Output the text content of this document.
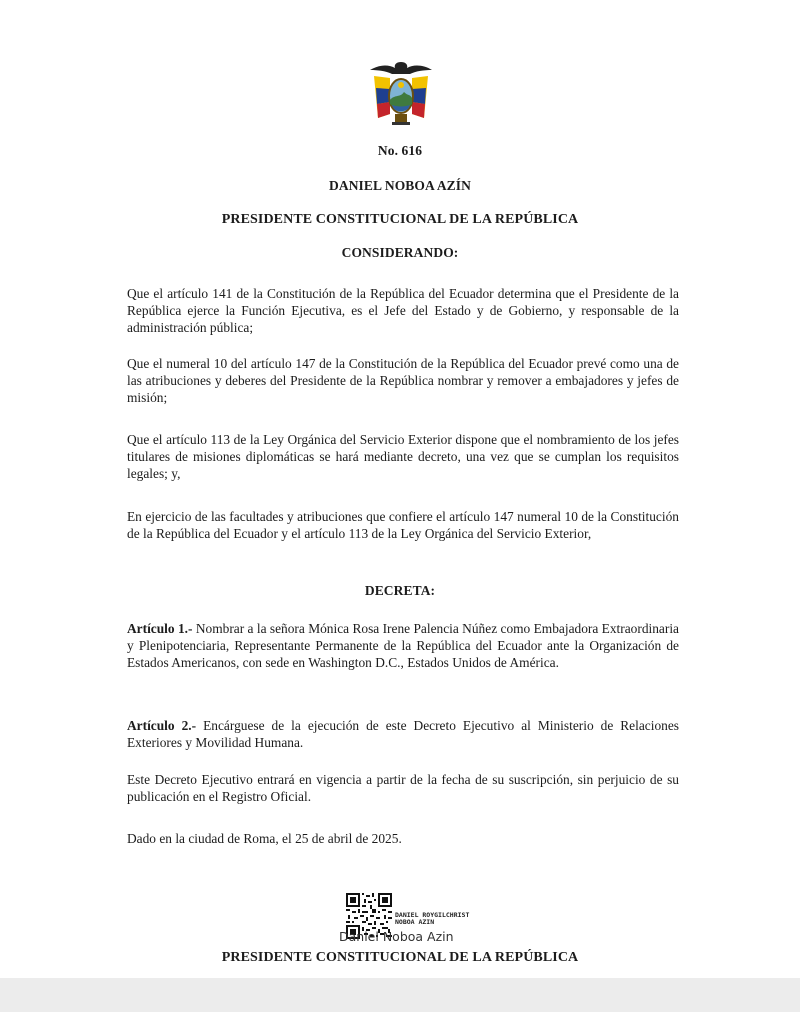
No. 616
DANIEL NOBOA AZÍN
PRESIDENTE CONSTITUCIONAL DE LA REPÚBLICA
CONSIDERANDO:

Que el artículo 141 de la Constitución de la República del Ecuador determina que el Presidente de la República ejerce la Función Ejecutiva, es el Jefe del Estado y de Gobierno, y responsable de la administración pública;

Que el numeral 10 del artículo 147 de la Constitución de la República del Ecuador prevé como una de las atribuciones y deberes del Presidente de la República nombrar y remover a embajadores y jefes de misión;

Que el artículo 113 de la Ley Orgánica del Servicio Exterior dispone que el nombramiento de los jefes titulares de misiones diplomáticas se hará mediante decreto, una vez que se cumplan los requisitos legales; y,

En ejercicio de las facultades y atribuciones que confiere el artículo 147 numeral 10 de la Constitución de la República del Ecuador y el artículo 113 de la Ley Orgánica del Servicio Exterior,

DECRETA:

Artículo 1.- Nombrar a la señora Mónica Rosa Irene Palencia Núñez como Embajadora Extraordinaria y Plenipotenciaria, Representante Permanente de la República del Ecuador ante la Organización de Estados Americanos, con sede en Washington D.C., Estados Unidos de América.

Artículo 2.- Encárguese de la ejecución de este Decreto Ejecutivo al Ministerio de Relaciones Exteriores y Movilidad Humana.

Este Decreto Ejecutivo entrará en vigencia a partir de la fecha de su suscripción, sin perjuicio de su publicación en el Registro Oficial.

Dado en la ciudad de Roma, el 25 de abril de 2025.

DANIEL ROYGILCHRIST
NOBOA AZIN
Daniel Noboa Azin
PRESIDENTE CONSTITUCIONAL DE LA REPÚBLICA
